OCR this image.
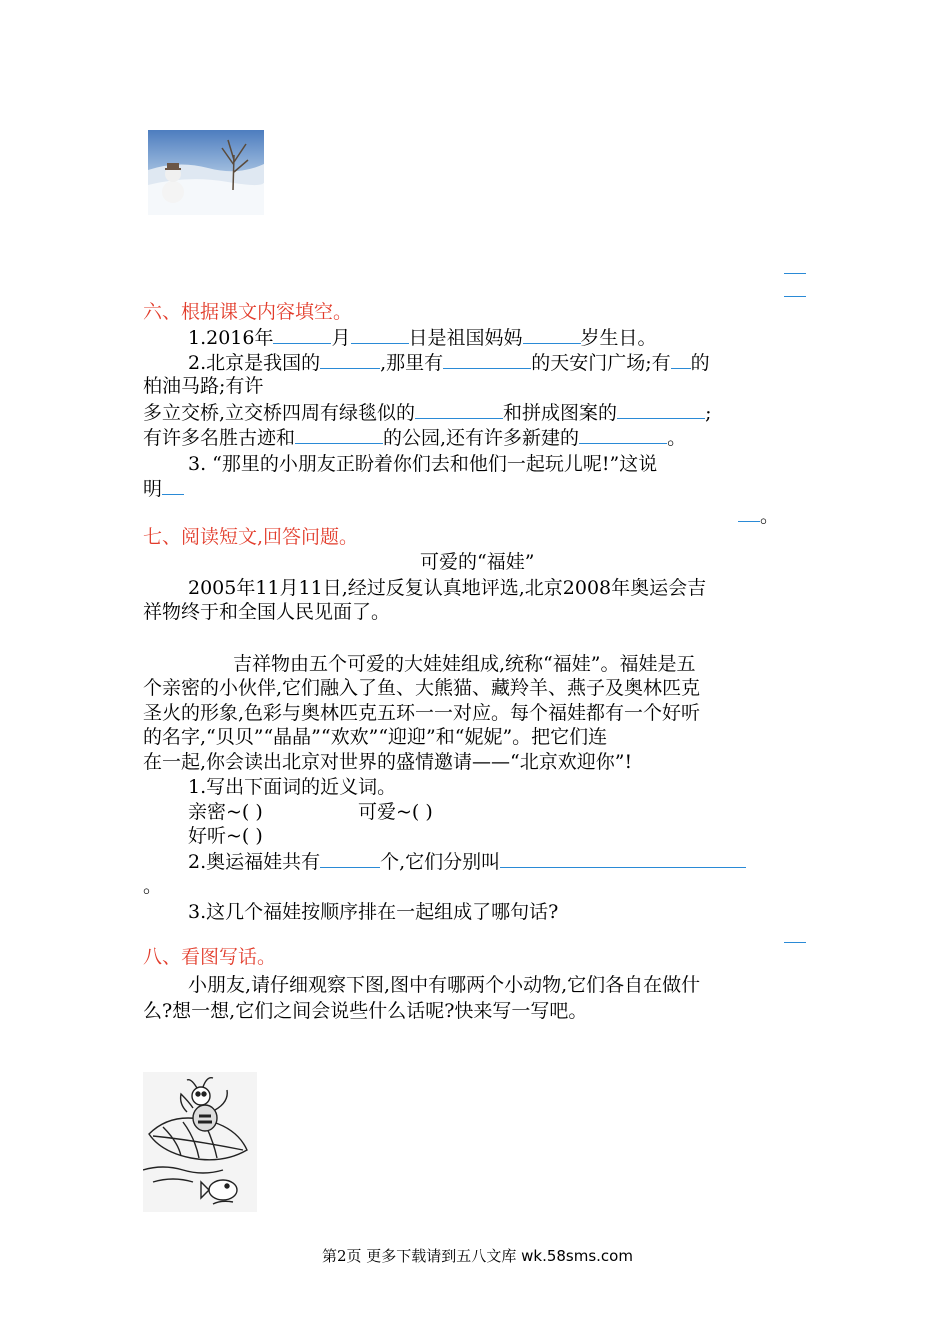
六、根据课文内容填空。
1.2016年	月	日是祖国妈妈	岁生日。
2.北京是我国的	,那里有	的天安门广场;有 的
柏油马路;有许
多立交桥,立交桥四周有绿毯似的	和拼成图案的	;
有许多名胜古迹和	的公园,还有许多新建的	。
3. “那里的小朋友正盼着你们去和他们一起玩儿呢!”这说
明
。
七、阅读短文,回答问题。
可爱的“福娃”
2005年11月11日,经过反复认真地评选,北京2008年奥运会吉
祥物终于和全国人民见面了。
吉祥物由五个可爱的大娃娃组成,统称“福娃”。福娃是五
个亲密的小伙伴,它们融入了鱼、大熊猫、藏羚羊、燕子及奥林匹克
圣火的形象,色彩与奥林匹克五环一一对应。每个福娃都有一个好听
的名字,“贝贝”“晶晶”“欢欢”“迎迎”和“妮妮”。把它们连
在一起,你会读出北京对世界的盛情邀请——“北京欢迎你”!
1.写出下面词的近义词。
亲密~( )	可爱~( )
好听~( )
2.奥运福娃共有	个,它们分别叫
。
3.这几个福娃按顺序排在一起组成了哪句话?
八、看图写话。
小朋友,请仔细观察下图,图中有哪两个小动物,它们各自在做什
么?想一想,它们之间会说些什么话呢?快来写一写吧。
第2页 更多下载请到五八文库 wk.58sms.com
